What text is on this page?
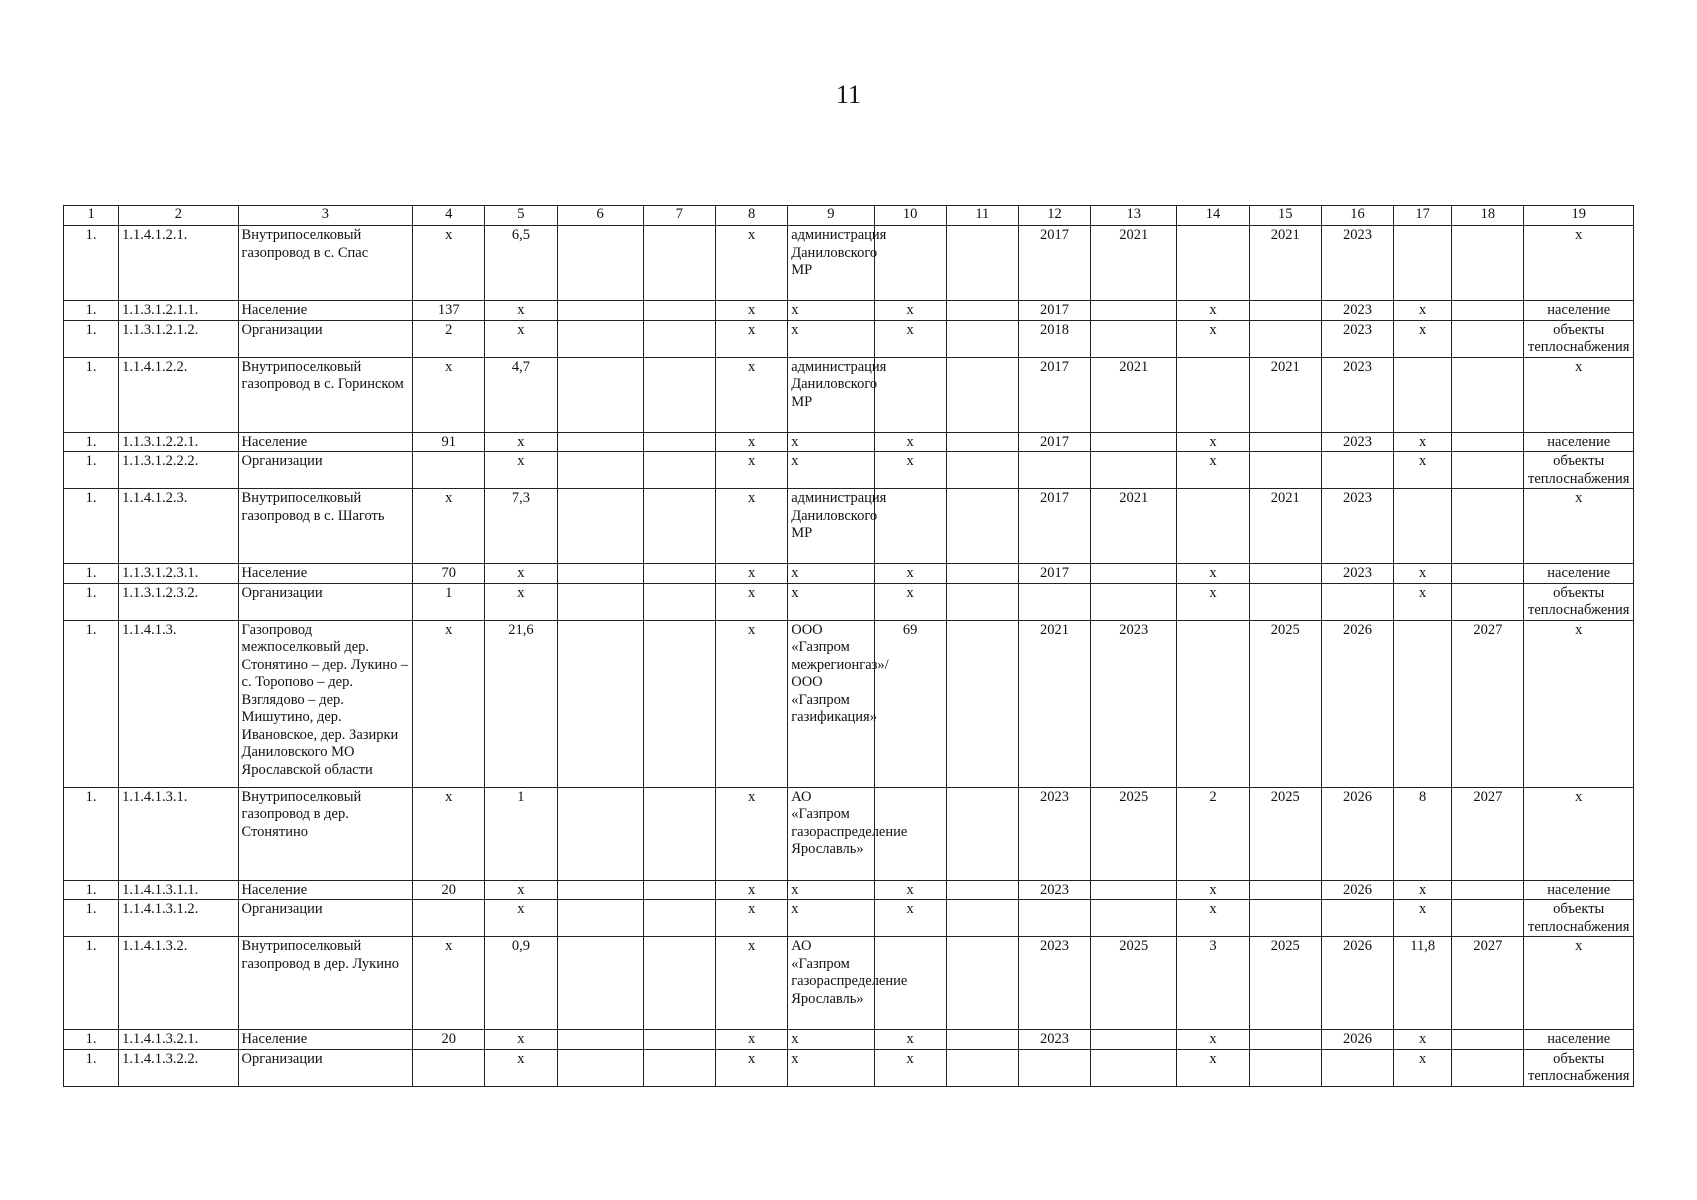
11
1	2	3	4	5	6	7	8	9	10	11	12	13	14	15	16	17	18	19
1.	1.1.4.1.2.1.	Внутрипоселковый газопровод в с. Спас	х	6,5			х	администрация Даниловского МР			2017	2021		2021	2023			х
1.	1.1.3.1.2.1.1.	Население	137	х			х	х	х		2017		х		2023	х		население
1.	1.1.3.1.2.1.2.	Организации	2	х			х	х	х		2018		х		2023	х		объекты теплоснабжения
1.	1.1.4.1.2.2.	Внутрипоселковый газопровод в с. Горинском	х	4,7			х	администрация Даниловского МР			2017	2021		2021	2023			х
1.	1.1.3.1.2.2.1.	Население	91	х			х	х	х		2017		х		2023	х		население
1.	1.1.3.1.2.2.2.	Организации		х			х	х	х				х			х		объекты теплоснабжения
1.	1.1.4.1.2.3.	Внутрипоселковый газопровод в с. Шаготь	х	7,3			х	администрация Даниловского МР			2017	2021		2021	2023			х
1.	1.1.3.1.2.3.1.	Население	70	х			х	х	х		2017		х		2023	х		население
1.	1.1.3.1.2.3.2.	Организации	1	х			х	х	х				х			х		объекты теплоснабжения
1.	1.1.4.1.3.	Газопровод межпоселковый дер. Стонятино – дер. Лукино – с. Торопово – дер. Взглядово – дер. Мишутино, дер. Ивановское, дер. Зазирки Даниловского МО Ярославской области	х	21,6			х	ООО «Газпром межрегионгаз»/ ООО «Газпром газификация»	69		2021	2023		2025	2026		2027	х
1.	1.1.4.1.3.1.	Внутрипоселковый газопровод в дер. Стонятино	х	1			х	АО «Газпром газораспределение Ярославль»			2023	2025	2	2025	2026	8	2027	х
1.	1.1.4.1.3.1.1.	Население	20	х			х	х	х		2023		х		2026	х		население
1.	1.1.4.1.3.1.2.	Организации		х			х	х	х				х			х		объекты теплоснабжения
1.	1.1.4.1.3.2.	Внутрипоселковый газопровод в дер. Лукино	х	0,9			х	АО «Газпром газораспределение Ярославль»			2023	2025	3	2025	2026	11,8	2027	х
1.	1.1.4.1.3.2.1.	Население	20	х			х	х	х		2023		х		2026	х		население
1.	1.1.4.1.3.2.2.	Организации		х			х	х	х				х			х		объекты теплоснабжения
